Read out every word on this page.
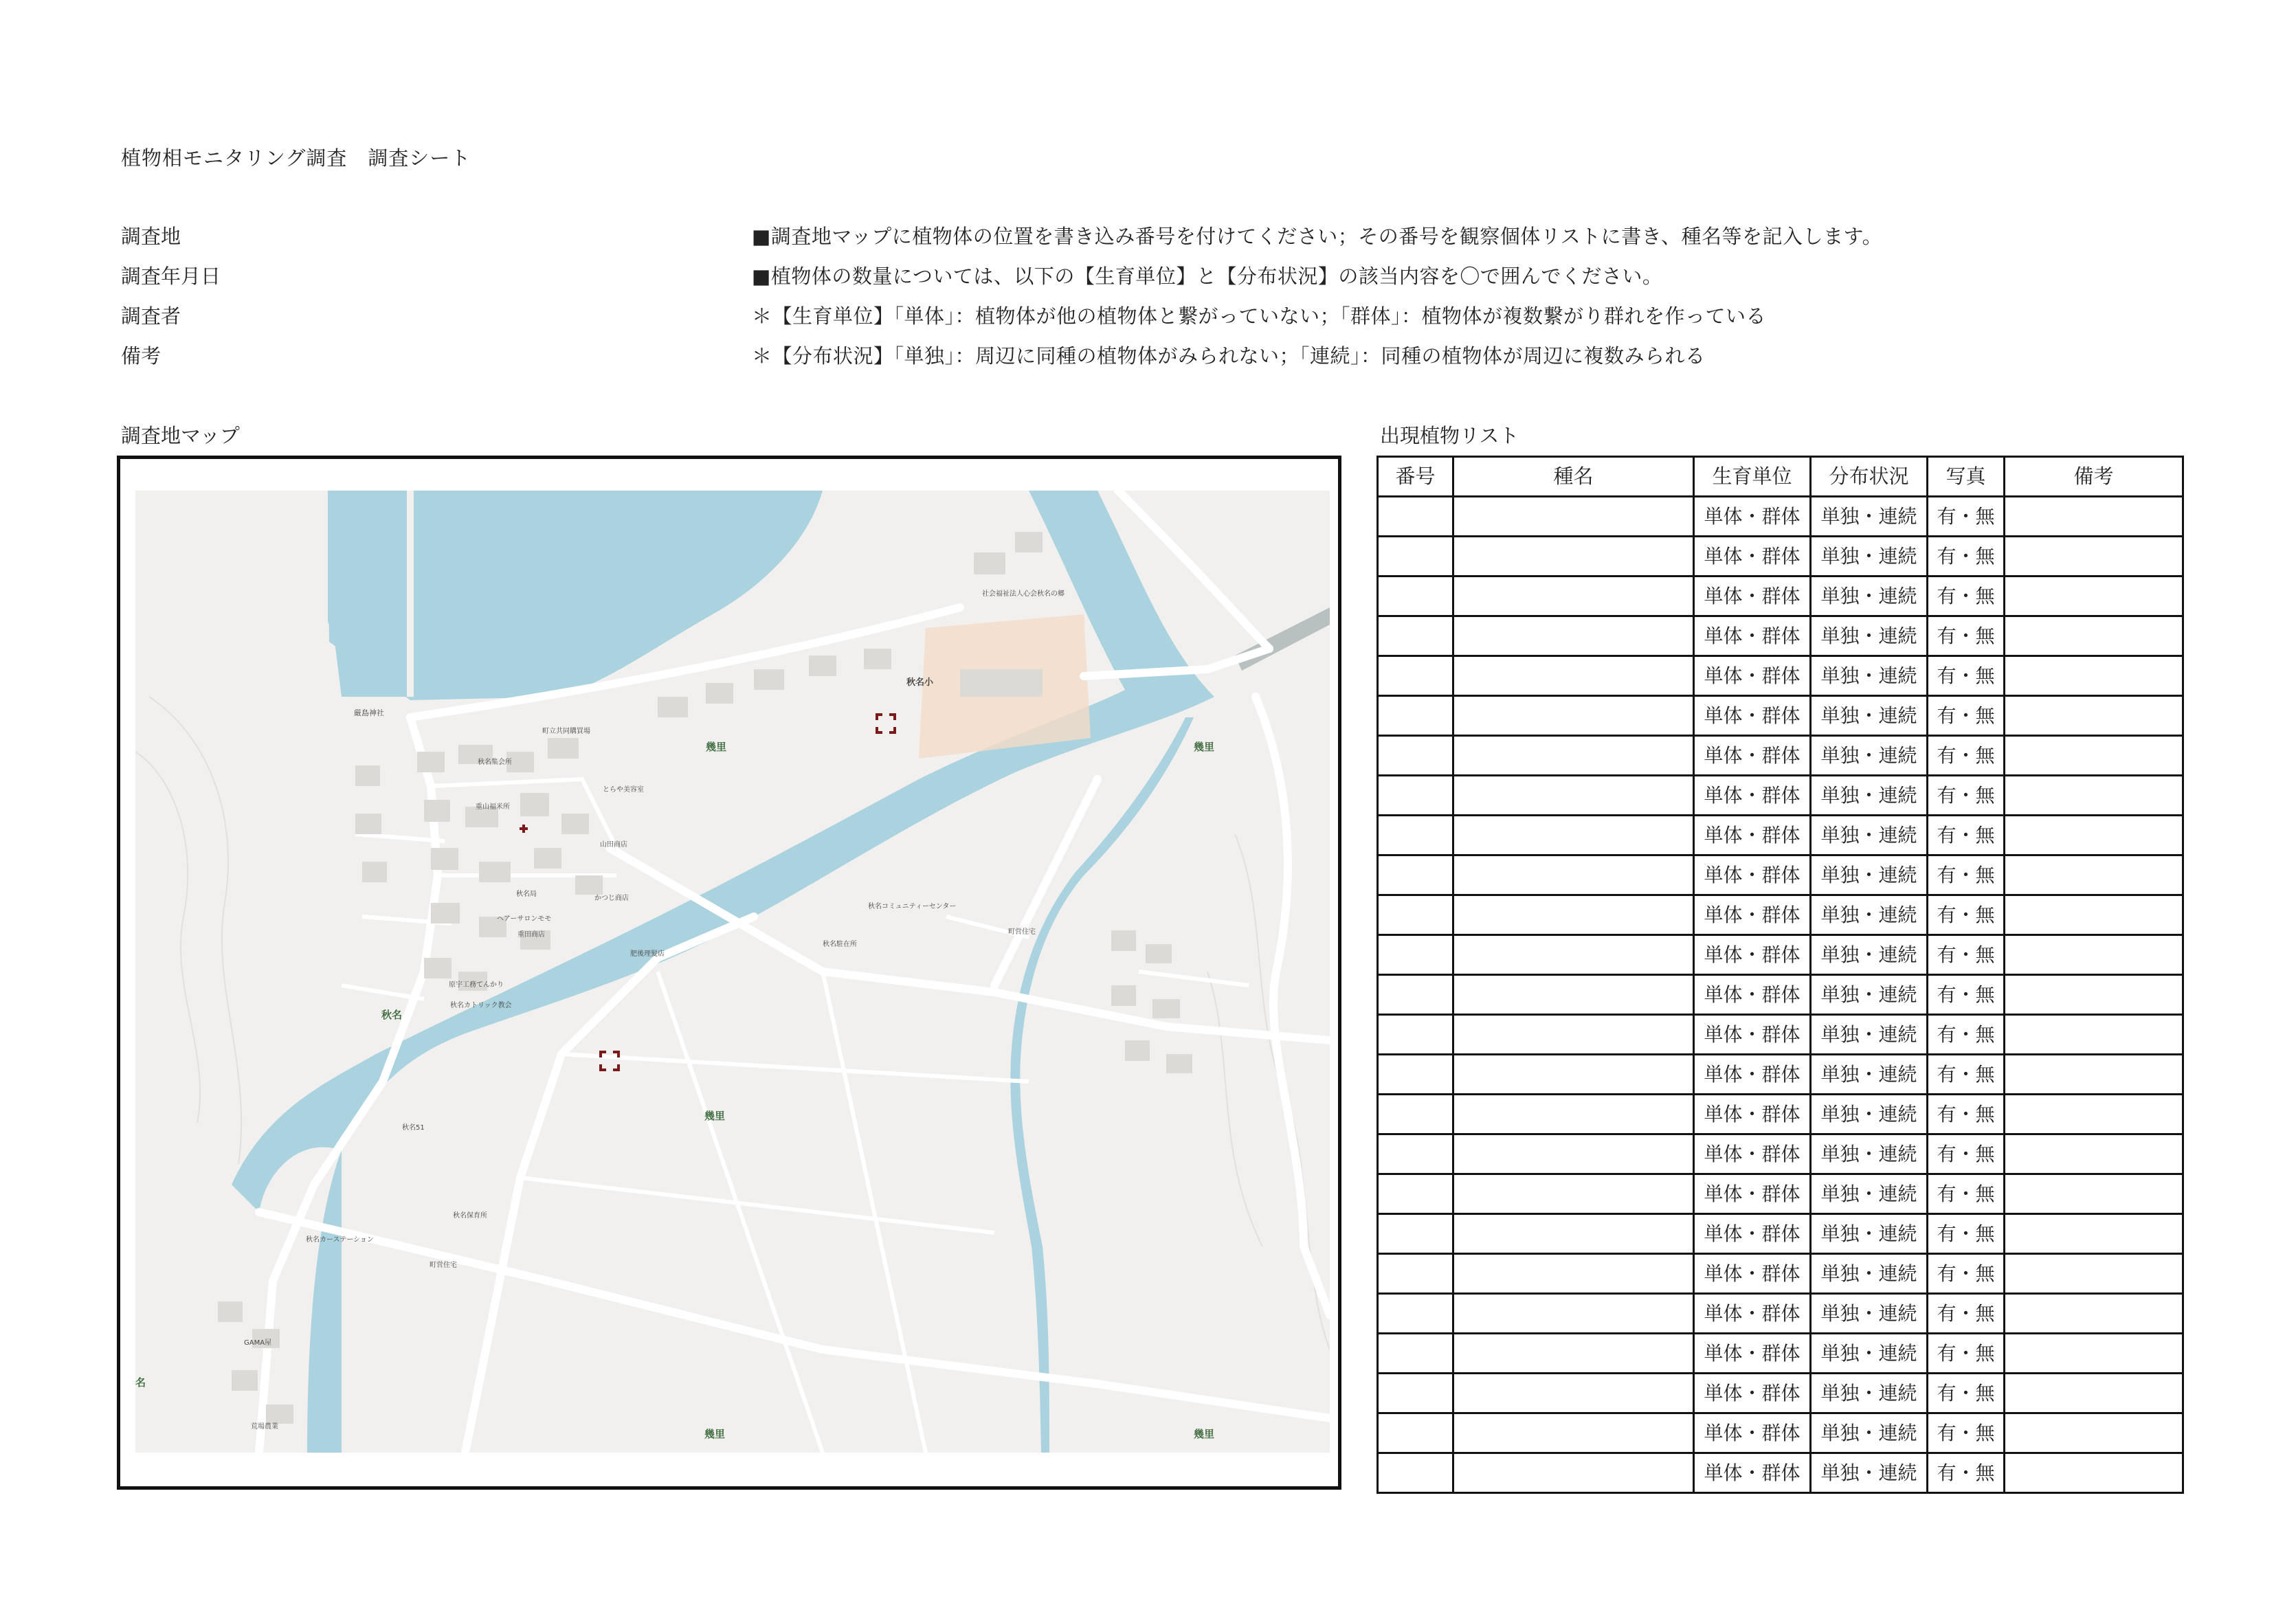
植物相モニタリング調査　調査シート
調査地
調査年月日
調査者
備考
■調査地マップに植物体の位置を書き込み番号を付けてください；その番号を観察個体リストに書き、種名等を記入します。
■植物体の数量については、以下の【生育単位】と【分布状況】の該当内容を〇で囲んでください。
＊【生育単位】「単体」：植物体が他の植物体と繋がっていない；「群体」：植物体が複数繋がり群れを作っている
＊【分布状況】「単独」：周辺に同種の植物体がみられない；「連続」：同種の植物体が周辺に複数みられる
調査地マップ	出現植物リスト
厳島神社
秋名小
社会福祉法人心会秋名の郷
町立共同購買場
幾里	幾里
幾里
幾里	幾里
秋名
名
秋名コミュニティーセンター
秋名駐在所
町営住宅
町営住宅
秋名保育所
秋名カトリック教会
秋名局
ヘアーサロンモモ
とらや美容室
山田商店
かつじ商店
重田商店
肥後理髪店
重山福米所
秋名集会所
原宇工務てんかり
秋名51
秋名カーステーション
GAMA屋
荒場農業
番号	種名	生育単位	分布状況	写真	備考
		単体・群体	単独・連続	有・無	
		単体・群体	単独・連続	有・無	
		単体・群体	単独・連続	有・無	
		単体・群体	単独・連続	有・無	
		単体・群体	単独・連続	有・無	
		単体・群体	単独・連続	有・無	
		単体・群体	単独・連続	有・無	
		単体・群体	単独・連続	有・無	
		単体・群体	単独・連続	有・無	
		単体・群体	単独・連続	有・無	
		単体・群体	単独・連続	有・無	
		単体・群体	単独・連続	有・無	
		単体・群体	単独・連続	有・無	
		単体・群体	単独・連続	有・無	
		単体・群体	単独・連続	有・無	
		単体・群体	単独・連続	有・無	
		単体・群体	単独・連続	有・無	
		単体・群体	単独・連続	有・無	
		単体・群体	単独・連続	有・無	
		単体・群体	単独・連続	有・無	
		単体・群体	単独・連続	有・無	
		単体・群体	単独・連続	有・無	
		単体・群体	単独・連続	有・無	
		単体・群体	単独・連続	有・無	
		単体・群体	単独・連続	有・無	
